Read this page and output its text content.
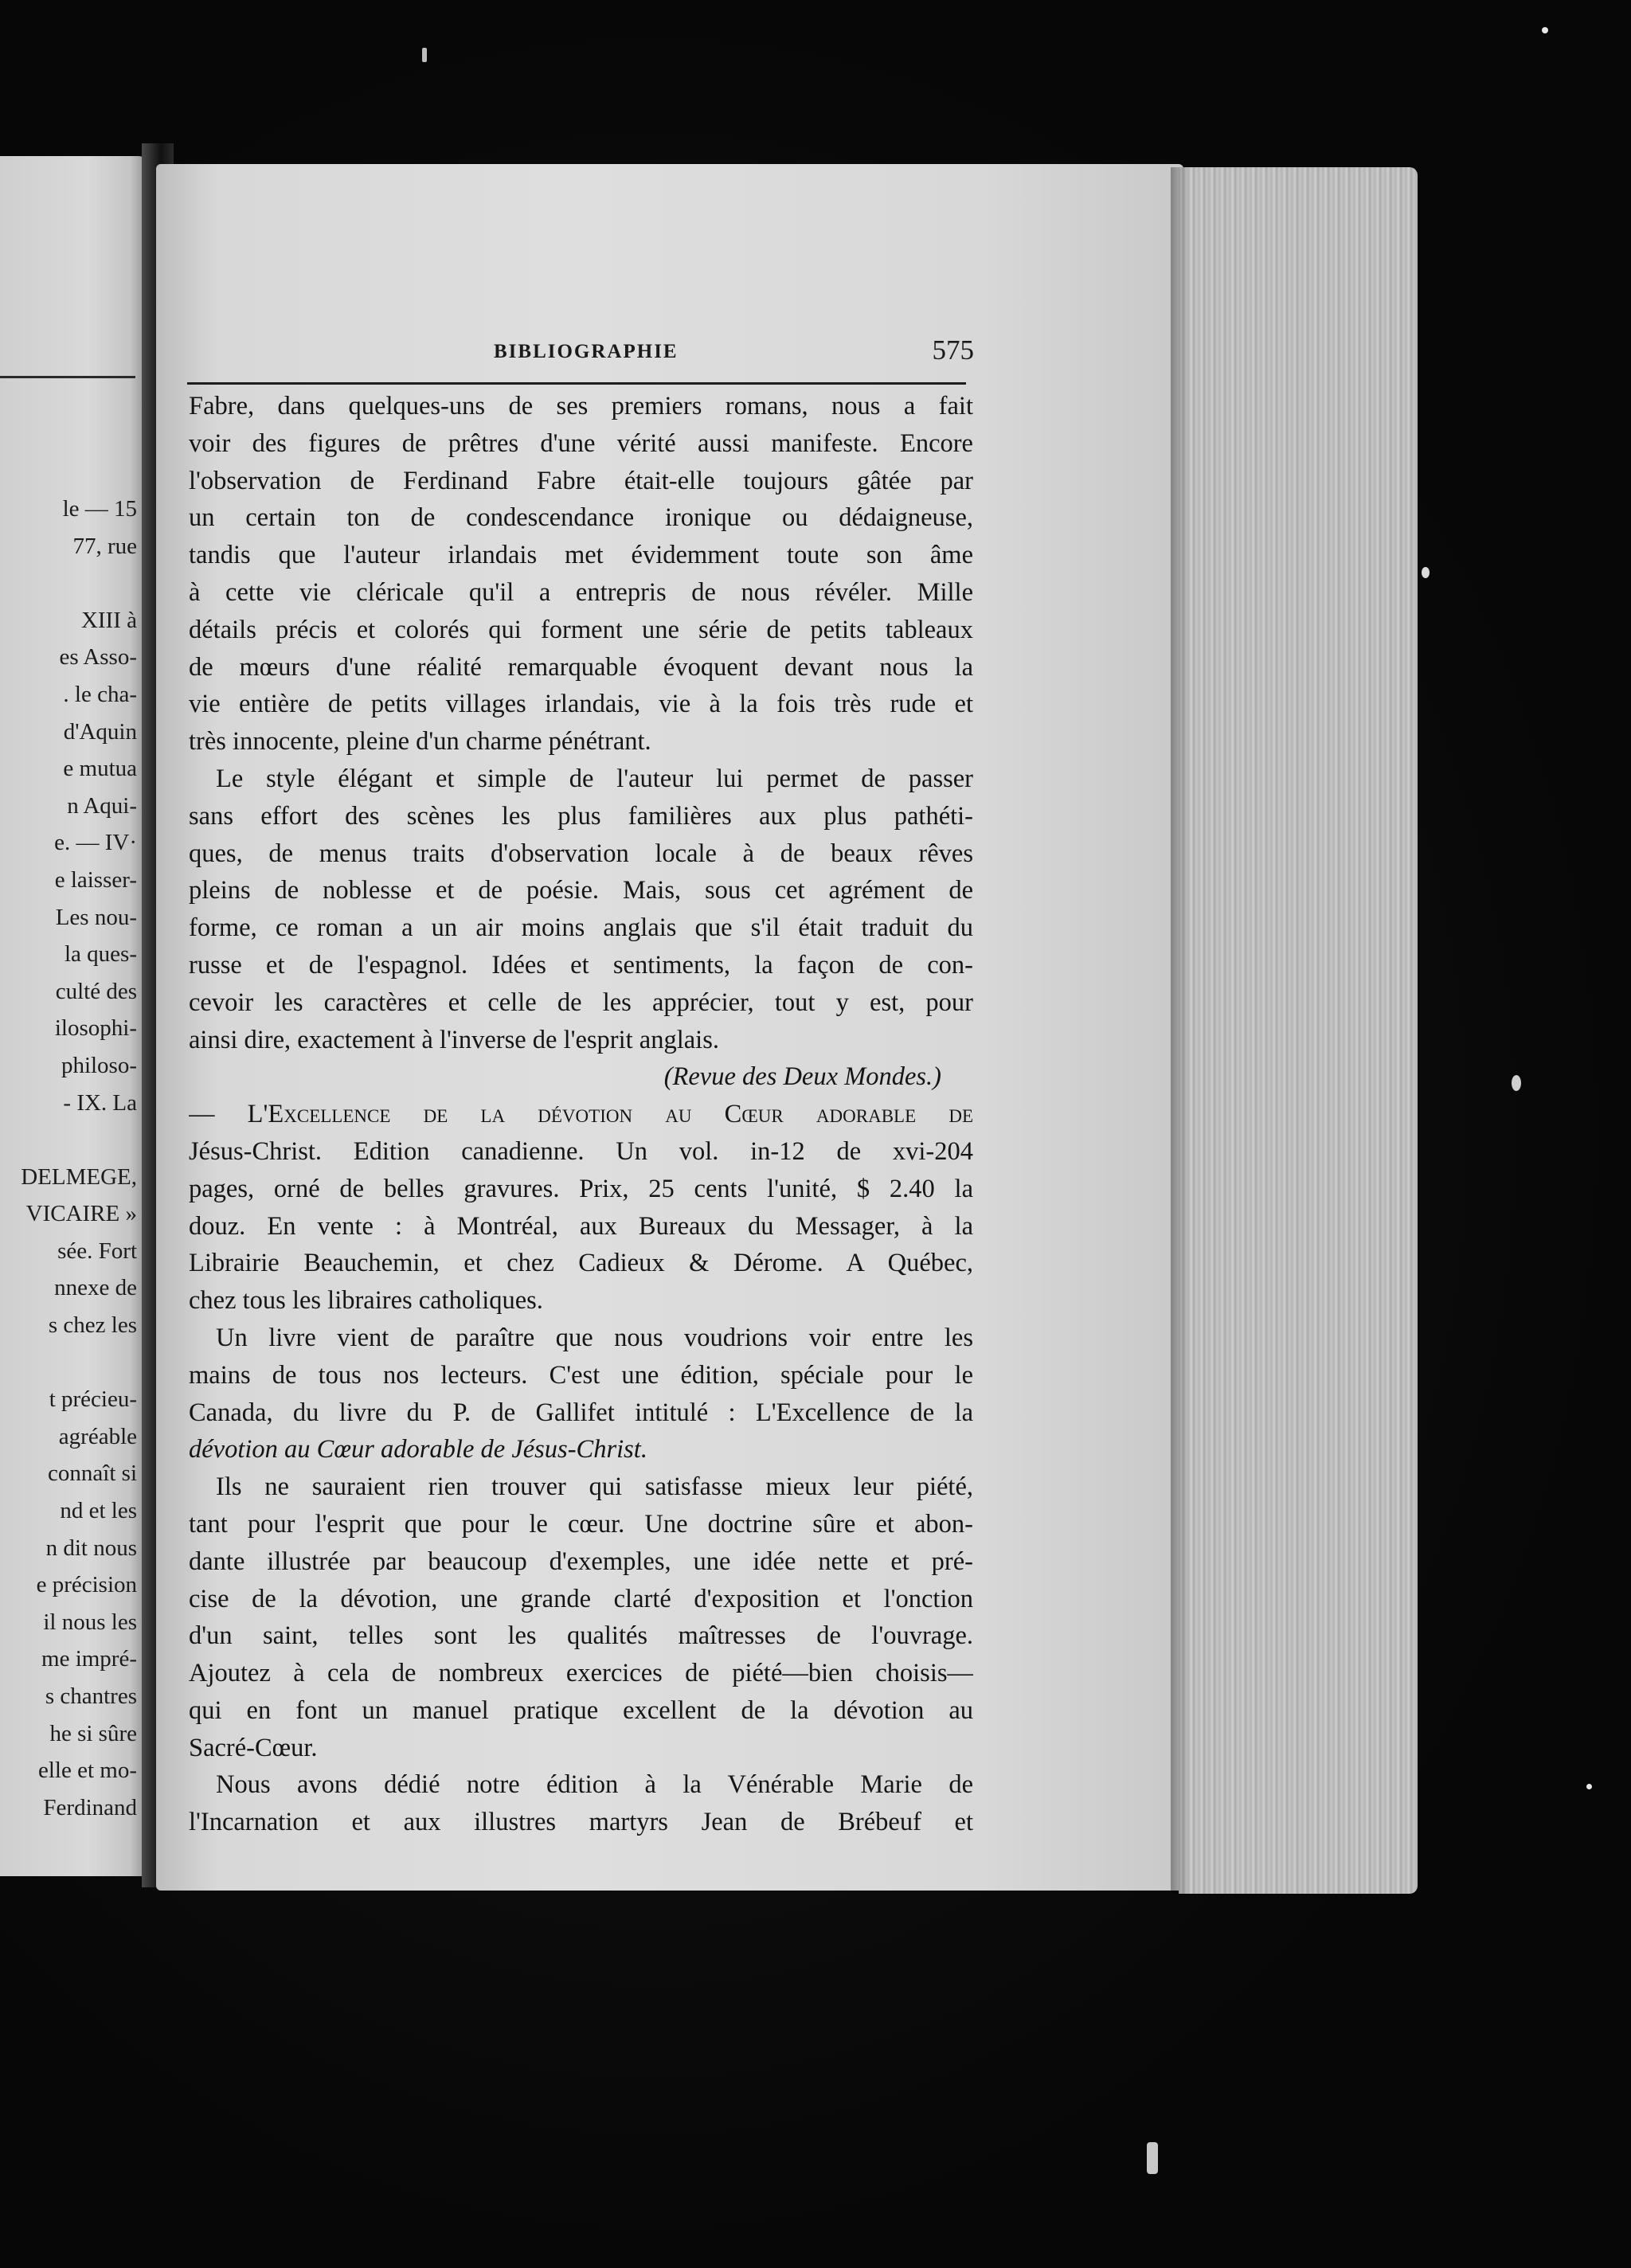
le — 15
77, rue
XIII à
es Asso-
. le cha-
d'Aquin
e mutua
n Aqui-
e. — IV·
e laisser-
Les nou-
la ques-
culté des
ilosophi-
philoso-
- IX. La
DELMEGE,
VICAIRE »
sée. Fort
nnexe de
s chez les
t précieu-
agréable
connaît si
nd et les
n dit nous
e précision
il nous les
me impré-
s chantres
he si sûre
elle et mo-
Ferdinand
BIBLIOGRAPHIE	575
Fabre, dans quelques-uns de ses premiers romans, nous a fait
voir des figures de prêtres d'une vérité aussi manifeste. Encore
l'observation de Ferdinand Fabre était-elle toujours gâtée par
un certain ton de condescendance ironique ou dédaigneuse,
tandis que l'auteur irlandais met évidemment toute son âme
à cette vie cléricale qu'il a entrepris de nous révéler. Mille
détails précis et colorés qui forment une série de petits tableaux
de mœurs d'une réalité remarquable évoquent devant nous la
vie entière de petits villages irlandais, vie à la fois très rude et
très innocente, pleine d'un charme pénétrant.
Le style élégant et simple de l'auteur lui permet de passer
sans effort des scènes les plus familières aux plus pathéti-
ques, de menus traits d'observation locale à de beaux rêves
pleins de noblesse et de poésie. Mais, sous cet agrément de
forme, ce roman a un air moins anglais que s'il était traduit du
russe et de l'espagnol. Idées et sentiments, la façon de con-
cevoir les caractères et celle de les apprécier, tout y est, pour
ainsi dire, exactement à l'inverse de l'esprit anglais.
(Revue des Deux Mondes.)
— L'Excellence de la dévotion au Cœur adorable de
Jésus-Christ. Edition canadienne. Un vol. in-12 de xvi-204
pages, orné de belles gravures. Prix, 25 cents l'unité, $ 2.40 la
douz. En vente : à Montréal, aux Bureaux du Messager, à la
Librairie Beauchemin, et chez Cadieux & Dérome. A Québec,
chez tous les libraires catholiques.
Un livre vient de paraître que nous voudrions voir entre les
mains de tous nos lecteurs. C'est une édition, spéciale pour le
Canada, du livre du P. de Gallifet intitulé : L'Excellence de la
dévotion au Cœur adorable de Jésus-Christ.
Ils ne sauraient rien trouver qui satisfasse mieux leur piété,
tant pour l'esprit que pour le cœur. Une doctrine sûre et abon-
dante illustrée par beaucoup d'exemples, une idée nette et pré-
cise de la dévotion, une grande clarté d'exposition et l'onction
d'un saint, telles sont les qualités maîtresses de l'ouvrage.
Ajoutez à cela de nombreux exercices de piété—bien choisis—
qui en font un manuel pratique excellent de la dévotion au
Sacré-Cœur.
Nous avons dédié notre édition à la Vénérable Marie de
l'Incarnation et aux illustres martyrs Jean de Brébeuf et
